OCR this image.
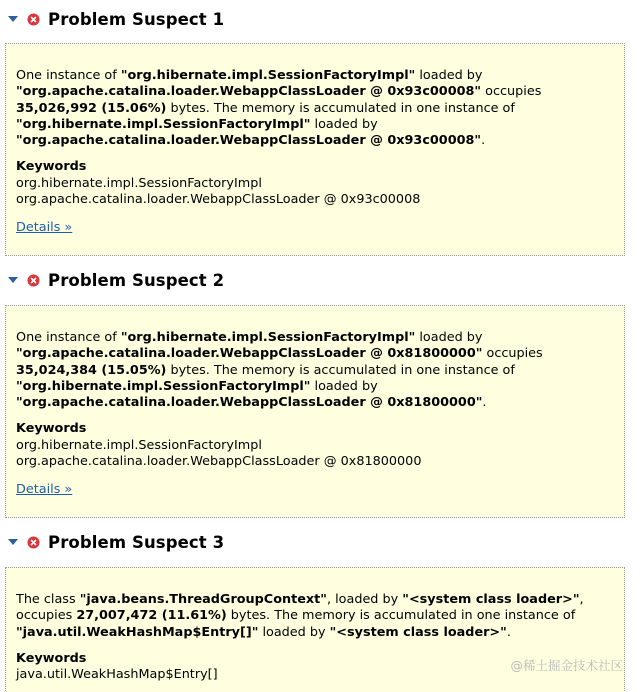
Problem Suspect 1

One instance of "org.hibernate.impl.SessionFactoryImpl" loaded by
"org.apache.catalina.loader.WebappClassLoader @ 0x93c00008" occupies
35,026,992 (15.06%) bytes. The memory is accumulated in one instance of
"org.hibernate.impl.SessionFactoryImpl" loaded by
"org.apache.catalina.loader.WebappClassLoader @ 0x93c00008".

Keywords

org.hibernate.impl.SessionFactoryImpl

org.apache.catalina.loader.WebappClassLoader @ 0x93c00008

Details »
Problem Suspect 2

One instance of "org.hibernate.impl.SessionFactoryImpl" loaded by
"org.apache.catalina.loader.WebappClassLoader @ 0x81800000" occupies
35,024,384 (15.05%) bytes. The memory is accumulated in one instance of
"org.hibernate.impl.SessionFactoryImpl" loaded by
"org.apache.catalina.loader.WebappClassLoader @ 0x81800000".

Keywords

org.hibernate.impl.SessionFactoryImpl

org.apache.catalina.loader.WebappClassLoader @ 0x81800000

Details »
Problem Suspect 3

The class "java.beans.ThreadGroupContext", loaded by "<system class loader>",
occupies 27,007,472 (11.61%) bytes. The memory is accumulated in one instance of
"java.util.WeakHashMap$Entry[]" loaded by "<system class loader>".

Keywords

java.util.WeakHashMap$Entry[]

@稀土掘金技术社区
